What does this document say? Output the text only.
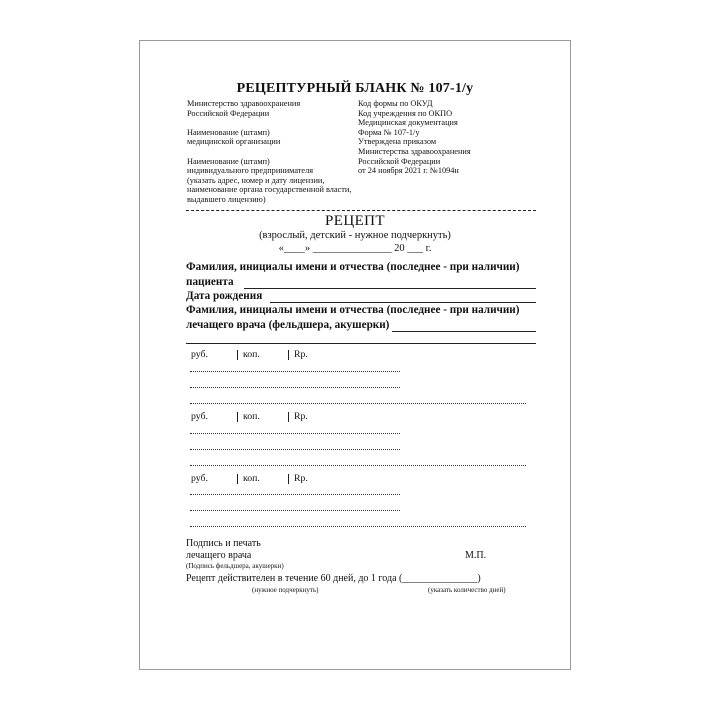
РЕЦЕПТУРНЫЙ БЛАНК № 107-1/у
Министерство здравоохранения
Российской Федерации
Наименование (штамп)
медицинской организации
Наименование (штамп)
индивидуального предпринимателя
(указать адрес, номер и дату лицензии,
наименование органа государственной власти,
выдавшего лицензию)
Код формы по ОКУД
Код учреждения по ОКПО
Медицинская документация
Форма № 107-1/у
Утверждена приказом
Министерства здравоохранения
Российской Федерации
от 24 ноября 2021 г. №1094н
РЕЦЕПТ
(взрослый, детский - нужное подчеркнуть)
«____» _______________ 20 ___ г.
Фамилия, инициалы имени и отчества (последнее - при наличии)
пациента
Дата рождения
Фамилия, инициалы имени и отчества (последнее - при наличии)
лечащего врача (фельдшера, акушерки)
руб.	коп.	Rp.
руб.	коп.	Rp.
руб.	коп.	Rp.
Подпись и печать
лечащего врача	М.П.
(Подпись фельдшера, акушерки)
Рецепт действителен в течение 60 дней, до 1 года (_______________)
(нужное подчеркнуть)	(указать количество дней)
